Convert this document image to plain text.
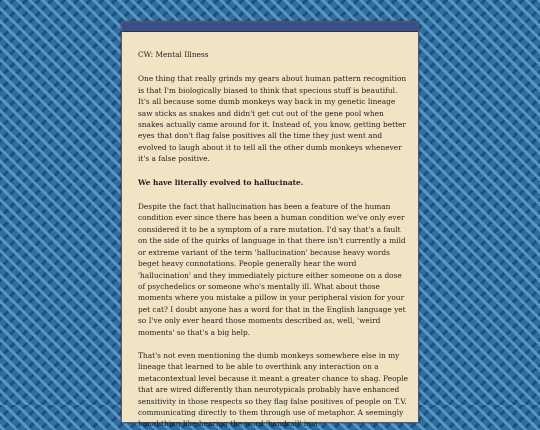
CW: Mental Illness

One thing that really grinds my gears about human pattern recognition is that I'm biologically biased to think that specious stuff is beautiful. It's all because some dumb monkeys way back in my genetic lineage saw sticks as snakes and didn't get cut out of the gene pool when snakes actually came around for it. Instead of, you know, getting better eyes that don't flag false positives all the time they just went and evolved to laugh about it to tell all the other dumb monkeys whenever it's a false positive.

We have literally evolved to hallucinate.

Despite the fact that hallucination has been a feature of the human condition ever since there has been a human condition we've only ever considered it to be a symptom of a rare mutation. I'd say that's a fault on the side of the quirks of language in that there isn't currently a mild or extreme variant of the term 'hallucination' because heavy words beget heavy connotations. People generally hear the word 'hallucination' and they immediately picture either someone on a dose of psychedelics or someone who's mentally ill. What about those moments where you mistake a pillow in your peripheral vision for your pet cat? I doubt anyone has a word for that in the English language yet so I've only ever heard those moments described as, well, 'weird moments' so that's a big help.

That's not even mentioning the dumb monkeys somewhere else in my lineage that learned to be able to overthink any interaction on a metacontextual level because it meant a greater chance to shag. People that are wired differently than neurotypicals probably have enhanced sensitivity in those respects so they flag false positives of people on T.V. communicating directly to them through use of metaphor. A seemingly banal thing like hearing the word 'handrail' in a
